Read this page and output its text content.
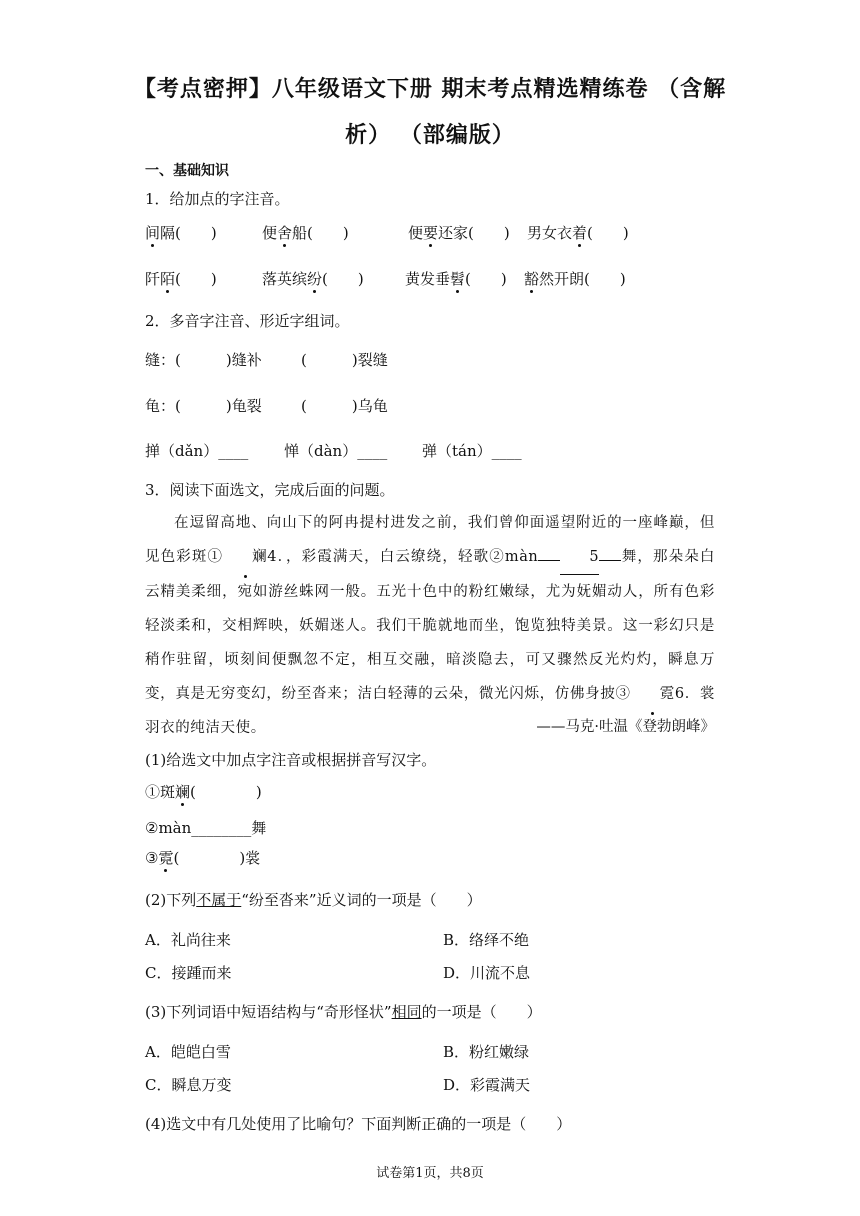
【考点密押】八年级语文下册 期末考点精选精练卷 （含解
析） （部编版）
一、基础知识
1．给加点的字注音。
间隔(　　)	便舍船(　　)	便要还家(　　) 男女衣着(　　)
阡陌(　　)	落英缤纷(　　)	黄发垂髫(　　) 豁然开朗(　　)
2．多音字注音、形近字组词。
缝：(　　　)缝补	(　　　)裂缝
龟：(　　　)龟裂	(　　　)乌龟
掸（dǎn）____ 惮（dàn）____ 弹（tán）____
3．阅读下面选文，完成后面的问题。
在逗留高地、向山下的阿冉提村进发之前，我们曾仰面遥望附近的一座峰巅，但见色彩斑① 斓4．，彩霞满天，白云缭绕，轻歌②màn	5 舞，那朵朵白云精美柔细，宛如游丝蛛网一般。五光十色中的粉红嫩绿，尤为妩媚动人，所有色彩轻淡柔和，交相辉映，妖媚迷人。我们干脆就地而坐，饱览独特美景。这一彩幻只是稍作驻留，顷刻间便飘忽不定，相互交融，暗淡隐去，可又骤然反光灼灼，瞬息万变，真是无穷变幻，纷至沓来；洁白轻薄的云朵，微光闪烁，仿佛身披③ 霓6．裳羽衣的纯洁天使。	——马克·吐温《登勃朗峰》
(1)给选文中加点字注音或根据拼音写汉字。
①斑斓(　　　　)
②màn________舞
③霓(　　　　)裳
(2)下列不属于“纷至沓来”近义词的一项是（　　）
A．礼尚往来	B．络绎不绝
C．接踵而来	D．川流不息
(3)下列词语中短语结构与“奇形怪状”相同的一项是（　　）
A．皑皑白雪	B．粉红嫩绿
C．瞬息万变	D．彩霞满天
(4)选文中有几处使用了比喻句？下面判断正确的一项是（　　）
试卷第1页，共8页
